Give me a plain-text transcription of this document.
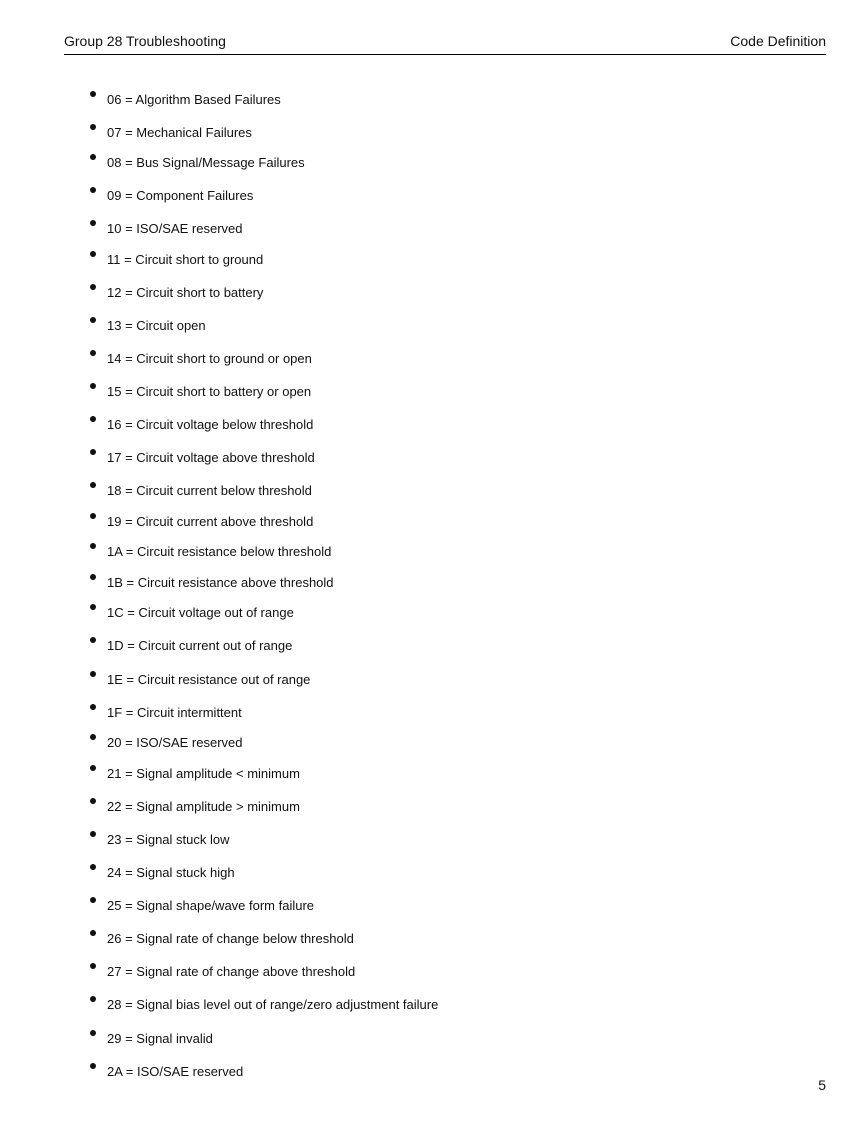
Group 28 Troubleshooting	Code Definition
06 = Algorithm Based Failures
07 = Mechanical Failures
08 = Bus Signal/Message Failures
09 = Component Failures
10 = ISO/SAE reserved
11 = Circuit short to ground
12 = Circuit short to battery
13 = Circuit open
14 = Circuit short to ground or open
15 = Circuit short to battery or open
16 = Circuit voltage below threshold
17 = Circuit voltage above threshold
18 = Circuit current below threshold
19 = Circuit current above threshold
1A = Circuit resistance below threshold
1B = Circuit resistance above threshold
1C = Circuit voltage out of range
1D = Circuit current out of range
1E = Circuit resistance out of range
1F = Circuit intermittent
20 = ISO/SAE reserved
21 = Signal amplitude < minimum
22 = Signal amplitude > minimum
23 = Signal stuck low
24 = Signal stuck high
25 = Signal shape/wave form failure
26 = Signal rate of change below threshold
27 = Signal rate of change above threshold
28 = Signal bias level out of range/zero adjustment failure
29 = Signal invalid
2A = ISO/SAE reserved
5
